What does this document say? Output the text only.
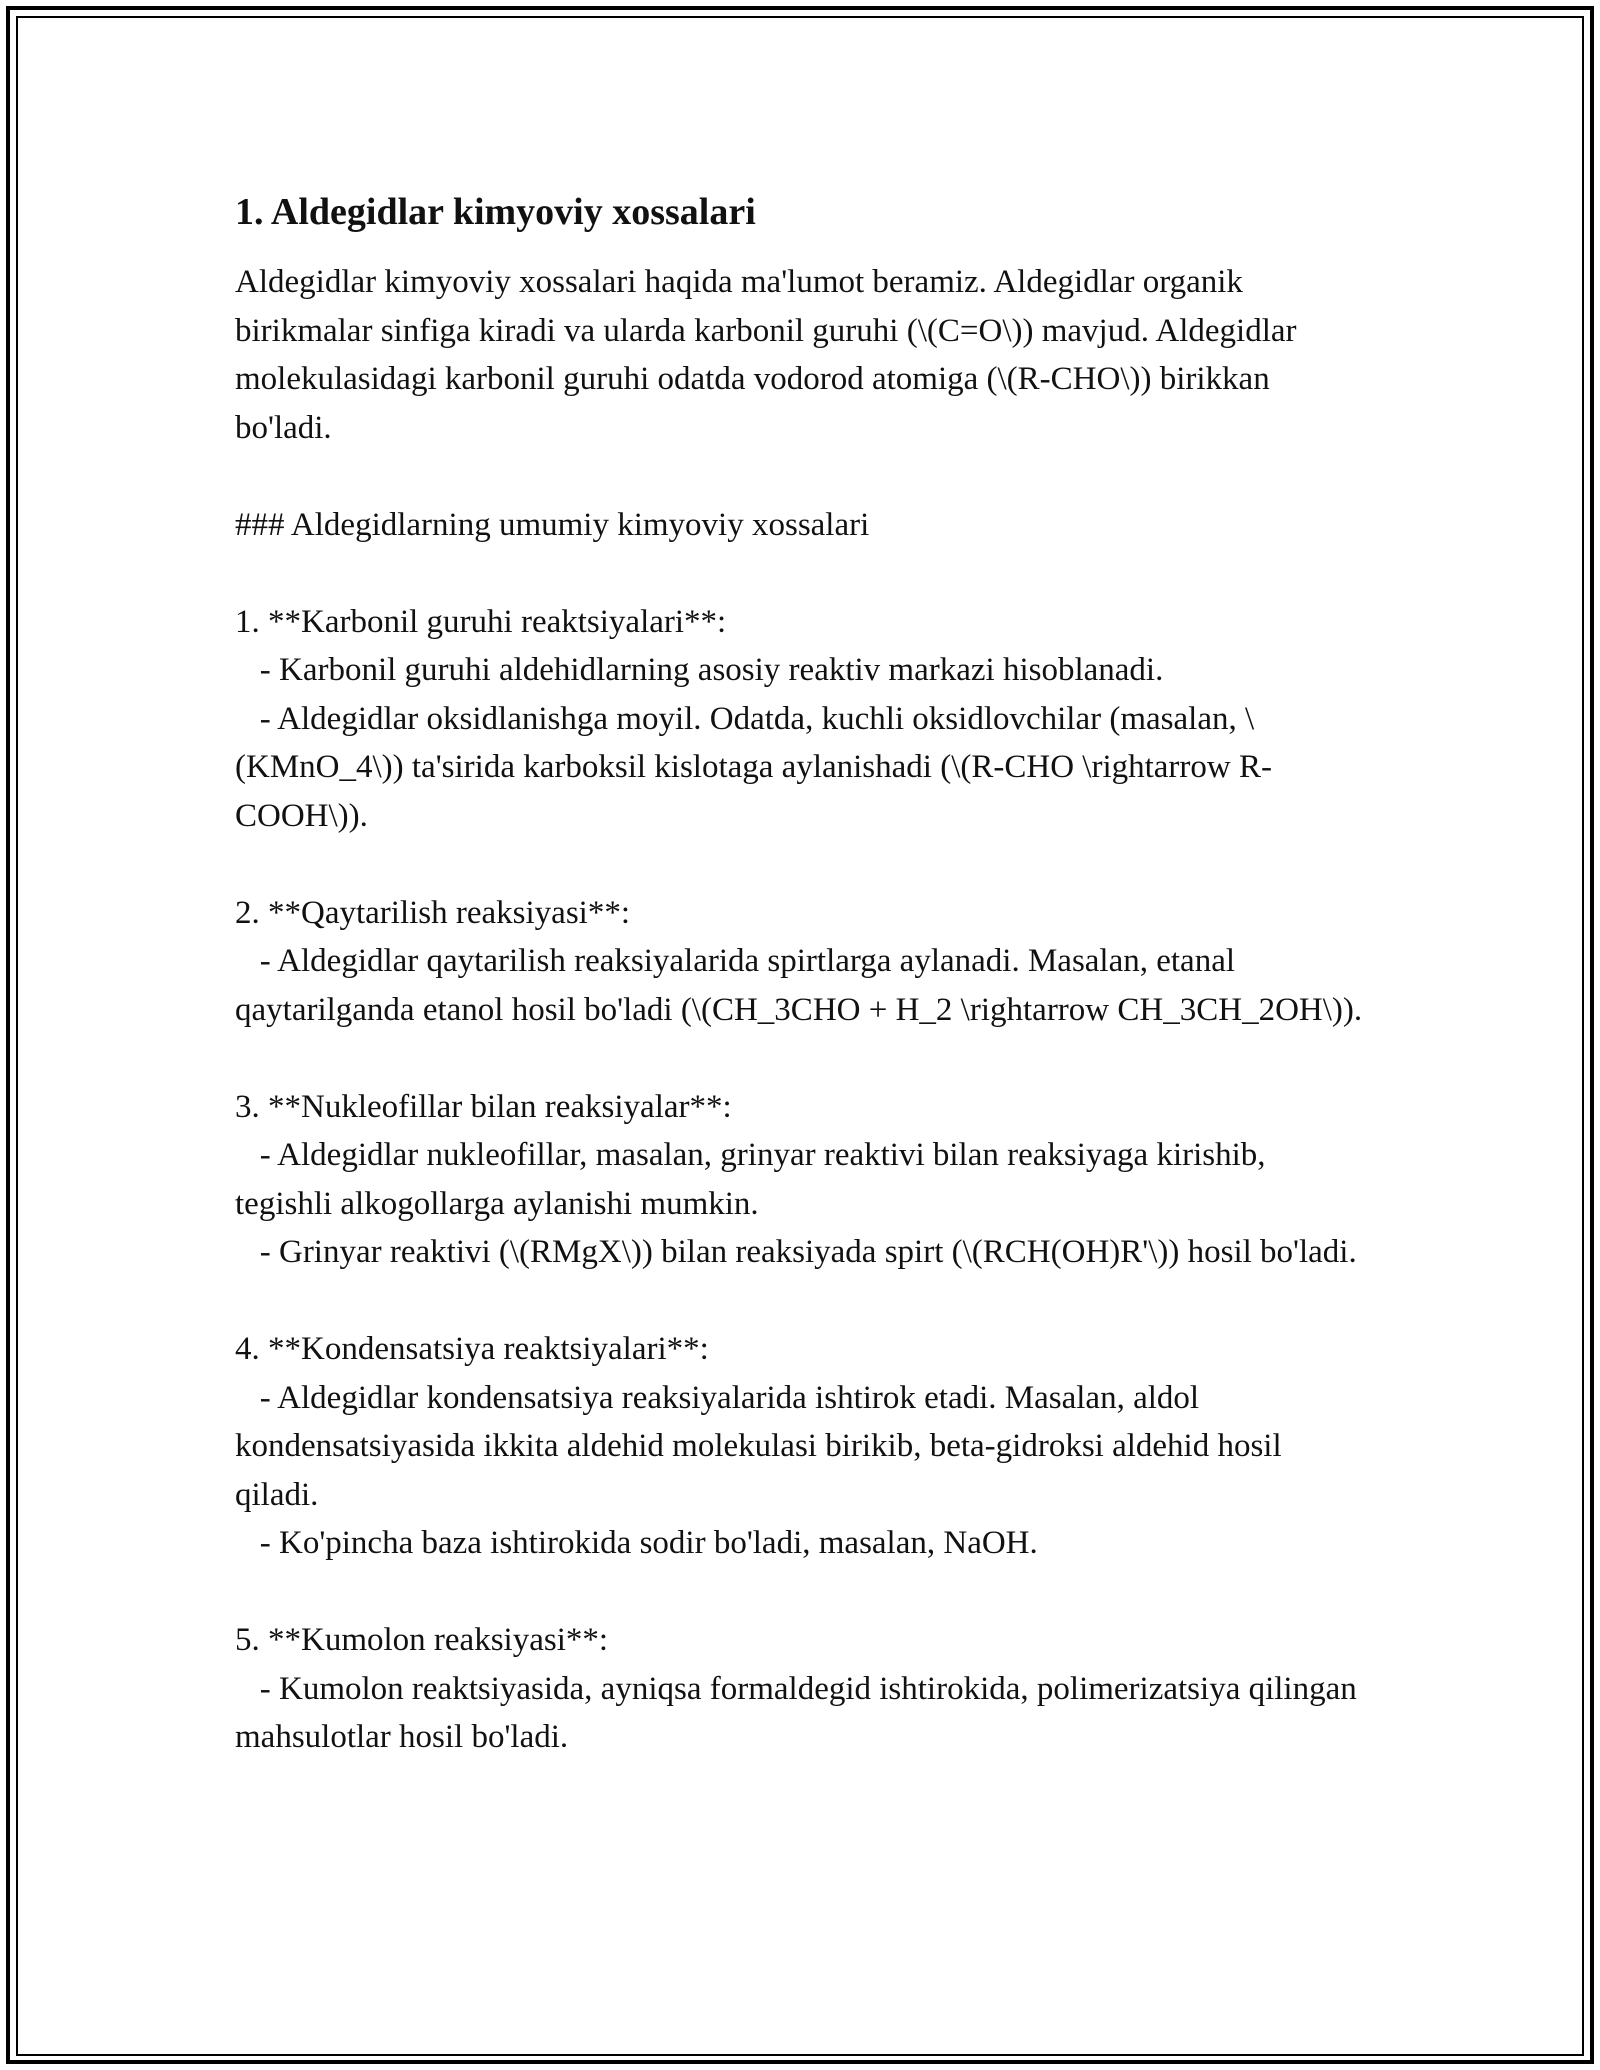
1. Aldegidlar kimyoviy xossalari

Aldegidlar kimyoviy xossalari haqida ma'lumot beramiz. Aldegidlar organik birikmalar sinfiga kiradi va ularda karbonil guruhi (\(C=O\)) mavjud. Aldegidlar molekulasidagi karbonil guruhi odatda vodorod atomiga (\(R-CHO\)) birikkan bo'ladi.

### Aldegidlarning umumiy kimyoviy xossalari

1. **Karbonil guruhi reaktsiyalari**:

- Karbonil guruhi aldehidlarning asosiy reaktiv markazi hisoblanadi.

- Aldegidlar oksidlanishga moyil. Odatda, kuchli oksidlovchilar (masalan, \(KMnO_4\)) ta'sirida karboksil kislotaga aylanishadi (\(R-CHO \rightarrow R-COOH\)).

2. **Qaytarilish reaksiyasi**:

- Aldegidlar qaytarilish reaksiyalarida spirtlarga aylanadi. Masalan, etanal qaytarilganda etanol hosil bo'ladi (\(CH_3CHO + H_2 \rightarrow CH_3CH_2OH\)).

3. **Nukleofillar bilan reaksiyalar**:

- Aldegidlar nukleofillar, masalan, grinyar reaktivi bilan reaksiyaga kirishib, tegishli alkogollarga aylanishi mumkin.

- Grinyar reaktivi (\(RMgX\)) bilan reaksiyada spirt (\(RCH(OH)R'\)) hosil bo'ladi.

4. **Kondensatsiya reaktsiyalari**:

- Aldegidlar kondensatsiya reaksiyalarida ishtirok etadi. Masalan, aldol kondensatsiyasida ikkita aldehid molekulasi birikib, beta-gidroksi aldehid hosil qiladi.

- Ko'pincha baza ishtirokida sodir bo'ladi, masalan, NaOH.

5. **Kumolon reaksiyasi**:

- Kumolon reaktsiyasida, ayniqsa formaldegid ishtirokida, polimerizatsiya qilingan mahsulotlar hosil bo'ladi.
